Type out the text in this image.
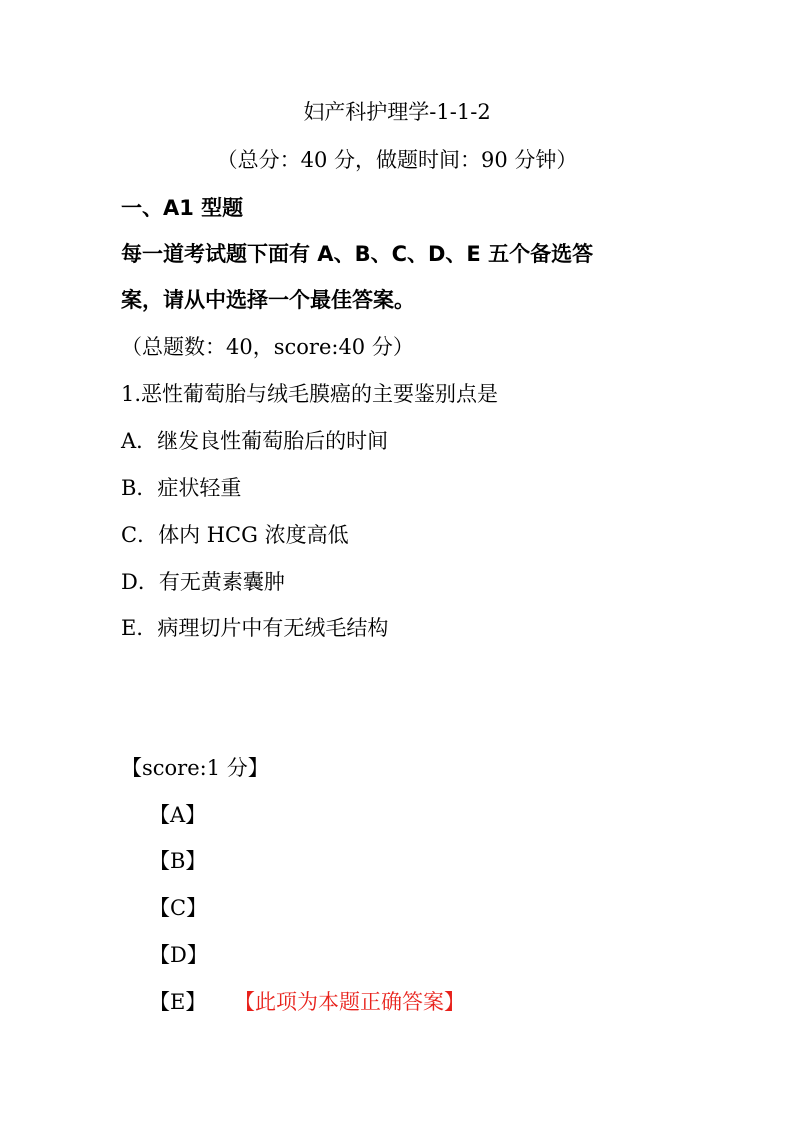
妇产科护理学-1-1-2
（总分：40 分，做题时间：90 分钟）
一、A1 型题
每一道考试题下面有 A、B、C、D、E 五个备选答
案，请从中选择一个最佳答案。
（总题数：40，score:40 分）
1.恶性葡萄胎与绒毛膜癌的主要鉴别点是
A．继发良性葡萄胎后的时间
B．症状轻重
C．体内 HCG 浓度高低
D．有无黄素囊肿
E．病理切片中有无绒毛结构
【score:1 分】
【A】
【B】
【C】
【D】
【E】 【此项为本题正确答案】
